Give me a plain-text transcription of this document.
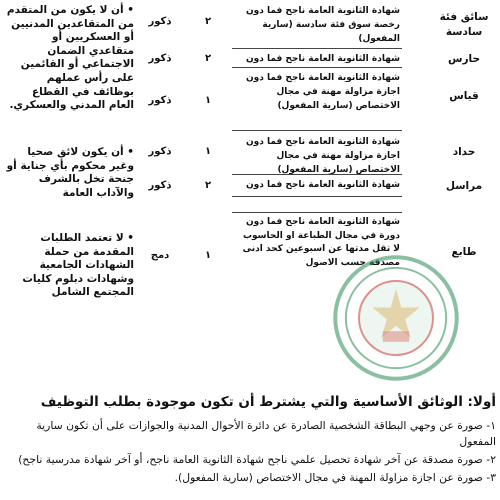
سائق فئة سادسة
شهادة الثانوية العامة ناجح فما دون رخصة سوق فئة سادسة (سارية المفعول)
٢
ذكور
حارس
شهادة الثانوية العامة ناجح فما دون
٢
ذكور
قياس
شهادة الثانوية العامة ناجح فما دون اجازة مزاولة مهنة في مجال الاختصاص (سارية المفعول)
١
ذكور
حداد
شهادة الثانوية العامة ناجح فما دون اجازة مزاولة مهنة في مجال الاختصاص (سارية المفعول)
١
ذكور
مراسل
شهادة الثانوية العامة ناجح فما دون
٢
ذكور
طابع
شهادة الثانوية العامة ناجح فما دون دورة في مجال الطباعة او الحاسوب لا تقل مدتها عن اسبوعين كحد ادنى مصدقة حسب الاصول
١
دمج
• أن لا يكون من المتقدم من المتقاعدين المدنيين أو العسكريين أو متقاعدي الضمان الاجتماعي أو القائمين على رأس عملهم بوظائف في القطاع العام المدني والعسكري.
• أن يكون لائق صحيا وغير محكوم بأي جناية أو جنحة تخل بالشرف والآداب العامة
• لا تعتمد الطلبات المقدمة من حملة الشهادات الجامعية وشهادات دبلوم كليات المجتمع الشامل
أولا: الوثائق الأساسية والتي يشترط أن تكون موجودة بطلب التوظيف
١- صورة عن وجهي البطاقة الشخصية الصادرة عن دائرة الأحوال المدنية والجوازات على أن تكون سارية المفعول
٢- صورة مصدقة عن آخر شهادة تحصيل علمي ناجح شهادة الثانوية العامة ناجح، أو آخر شهادة مدرسية ناجح)
٣- صورة عن اجازة مزاولة المهنة في مجال الاختصاص (سارية المفعول).
